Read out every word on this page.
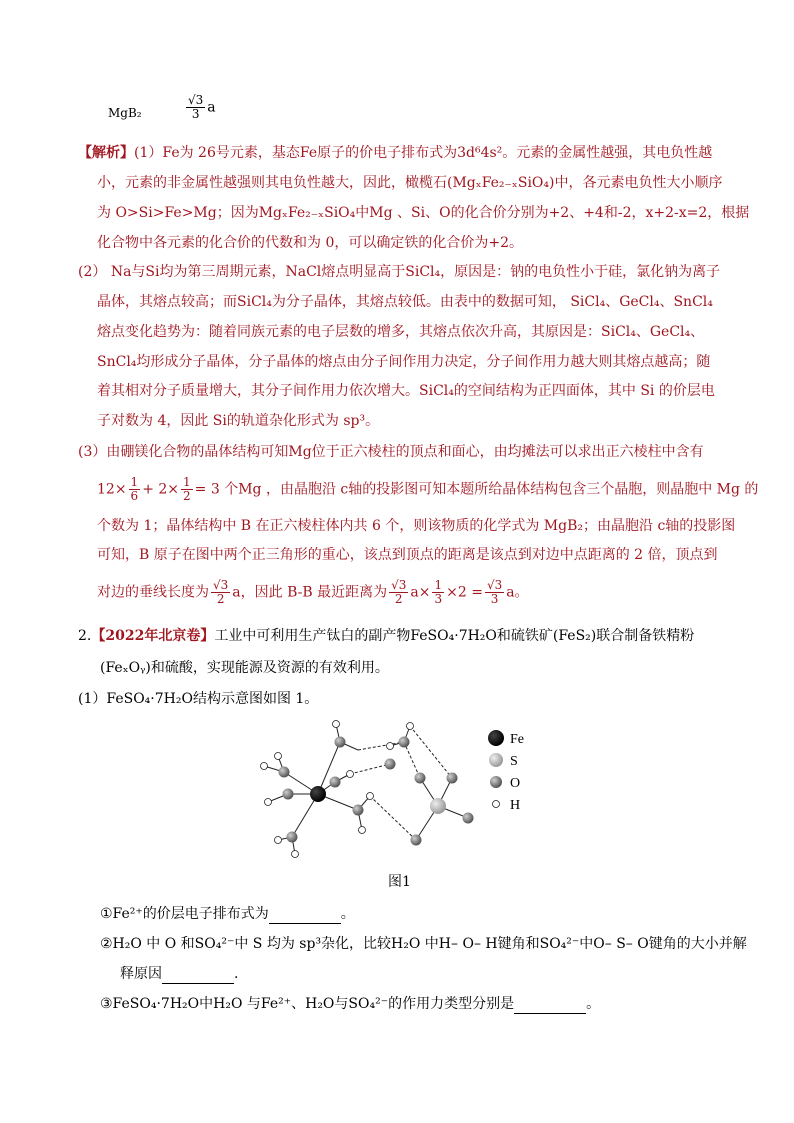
MgB₂	$\frac{√3}{3}$ a
【解析】(1）Fe为 26号元素，基态Fe原子的价电子排布式为3d⁶4s²。元素的金属性越强，其电负性越
小，元素的非金属性越强则其电负性越大，因此，橄榄石(MgₓFe₂₋ₓSiO₄)中，各元素电负性大小顺序
为 O>Si>Fe>Mg；因为MgₓFe₂₋ₓSiO₄中Mg 、Si、O的化合价分别为+2、+4和-2，x+2-x=2，根据
化合物中各元素的化合价的代数和为 0，可以确定铁的化合价为+2。
(2） Na与Si均为第三周期元素，NaCl熔点明显高于SiCl₄，原因是：钠的电负性小于硅，氯化钠为离子
晶体，其熔点较高；而SiCl₄为分子晶体，其熔点较低。由表中的数据可知， SiCl₄、GeCl₄、SnCl₄
熔点变化趋势为：随着同族元素的电子层数的增多，其熔点依次升高，其原因是：SiCl₄、GeCl₄、
SnCl₄均形成分子晶体，分子晶体的熔点由分子间作用力决定，分子间作用力越大则其熔点越高；随
着其相对分子质量增大，其分子间作用力依次增大。SiCl₄的空间结构为正四面体，其中 Si 的价层电
子对数为 4，因此 Si的轨道杂化形式为 sp³。
(3）由硼镁化合物的晶体结构可知Mg位于正六棱柱的顶点和面心，由均摊法可以求出正六棱柱中含有
$12\times \frac{1}{6} + 2\times \frac{1}{2} = 3$ 个Mg ，由晶胞沿 c轴的投影图可知本题所给晶体结构包含三个晶胞，则晶胞中 Mg 的
个数为 1；晶体结构中 B 在正六棱柱体内共 6 个，则该物质的化学式为 MgB₂；由晶胞沿 c轴的投影图
可知，B 原子在图中两个正三角形的重心，该点到顶点的距离是该点到对边中点距离的 2 倍，顶点到
对边的垂线长度为 $\frac{√3}{2}$ a，因此 B-B 最近距离为 $\frac{√3}{2} a\times \frac{1}{3} \times 2 = \frac{√3}{3}$ a。
2.【2022年北京卷】工业中可利用生产钛白的副产物FeSO₄·7H₂O和硫铁矿(FeS₂)联合制备铁精粉
(FeₓOᵧ)和硫酸，实现能源及资源的有效利用。
(1）FeSO₄·7H₂O结构示意图如图 1。
Fe
S
O
H
图1
①Fe²⁺的价层电子排布式为	。
②H₂O 中 O 和SO₄²⁻中 S 均为 sp³杂化，比较H₂O 中H– O– H键角和SO₄²⁻中O– S– O键角的大小并解
释原因	.
③FeSO₄·7H₂O中H₂O 与Fe²⁺、H₂O与SO₄²⁻的作用力类型分别是	。
